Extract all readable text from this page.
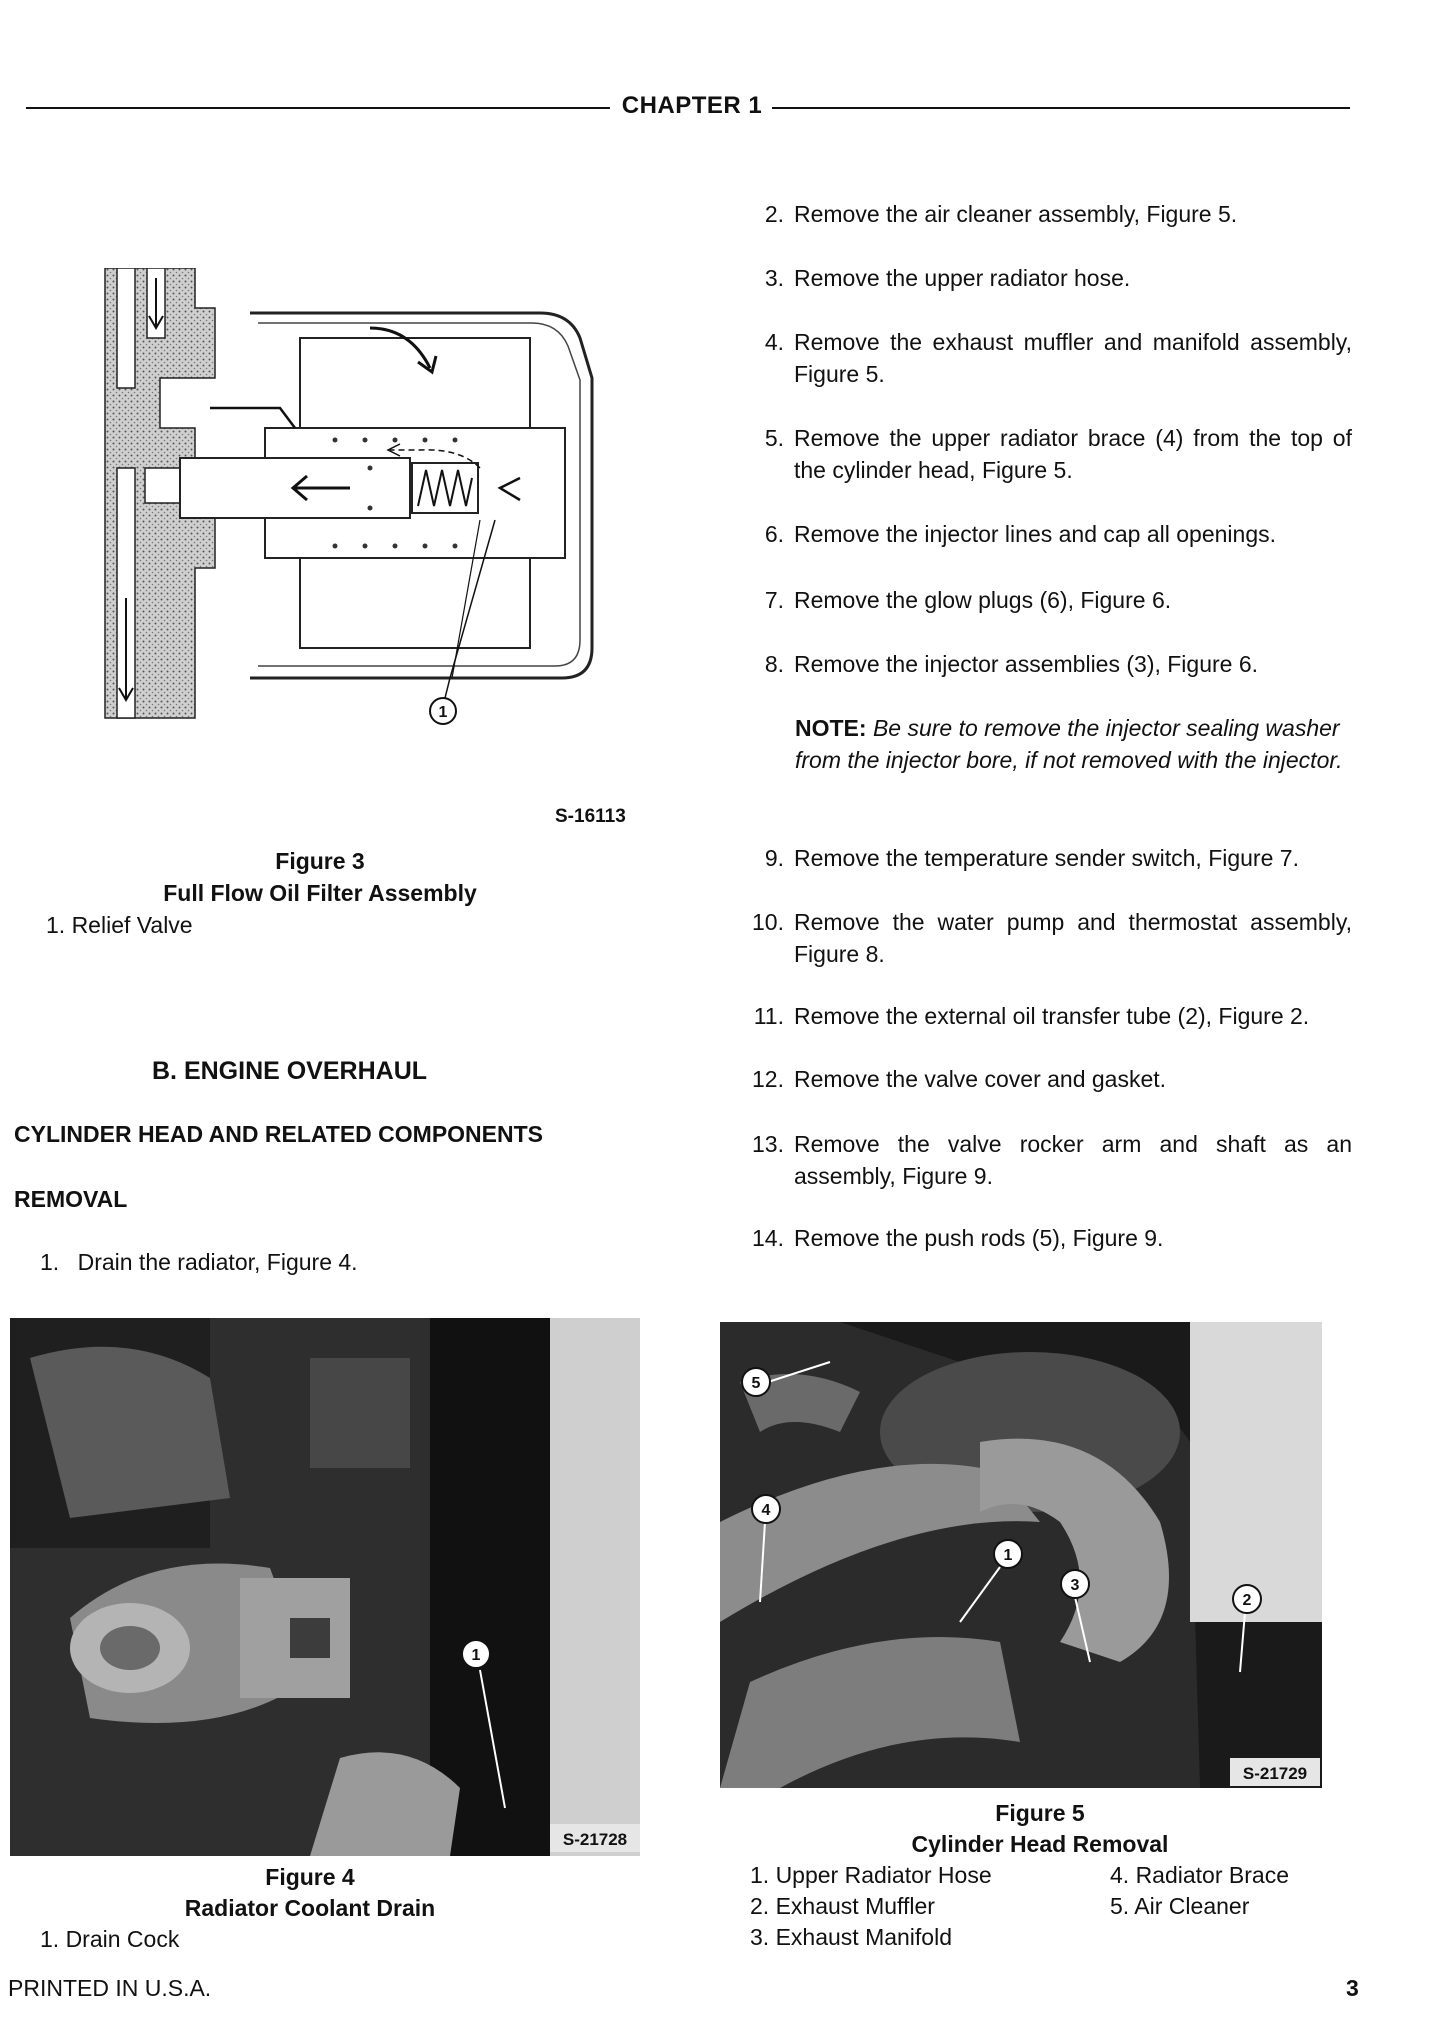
CHAPTER 1
1
S-16113
Figure 3
Full Flow Oil Filter Assembly
1. Relief Valve
B. ENGINE OVERHAUL
CYLINDER HEAD AND RELATED COMPONENTS
REMOVAL
1. Drain the radiator, Figure 4.
2. Remove the air cleaner assembly, Figure 5.
3. Remove the upper radiator hose.
4. Remove the exhaust muffler and manifold assembly, Figure 5.
5. Remove the upper radiator brace (4) from the top of the cylinder head, Figure 5.
6. Remove the injector lines and cap all openings.
7. Remove the glow plugs (6), Figure 6.
8. Remove the injector assemblies (3), Figure 6.
NOTE: Be sure to remove the injector sealing washer from the injector bore, if not removed with the injector.
9. Remove the temperature sender switch, Figure 7.
10. Remove the water pump and thermostat assembly, Figure 8.
11. Remove the external oil transfer tube (2), Figure 2.
12. Remove the valve cover and gasket.
13. Remove the valve rocker arm and shaft as an assembly, Figure 9.
14. Remove the push rods (5), Figure 9.
1
S-21728
Figure 4
Radiator Coolant Drain
1. Drain Cock
5
4
1
3
2
S-21729
Figure 5
Cylinder Head Removal
1. Upper Radiator Hose
2. Exhaust Muffler
3. Exhaust Manifold
4. Radiator Brace
5. Air Cleaner
PRINTED IN U.S.A.	3
